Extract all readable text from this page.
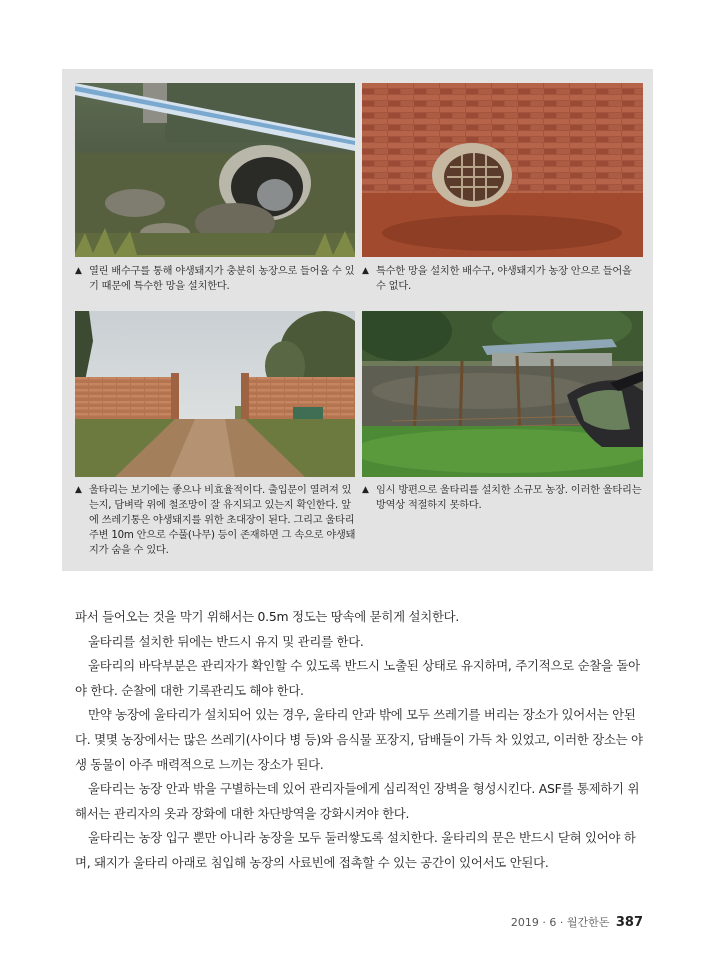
▲ 열린 배수구를 통해 야생돼지가 충분히 농장으로 들어올 수 있기 때문에 특수한 망을 설치한다.
▲ 특수한 망을 설치한 배수구, 야생돼지가 농장 안으로 들어올 수 없다.
▲ 울타리는 보기에는 좋으나 비효율적이다. 출입문이 열려져 있는지, 담벼락 위에 철조망이 잘 유지되고 있는지 확인한다. 앞에 쓰레기통은 야생돼지를 위한 초대장이 된다. 그리고 울타리 주변 10m 안으로 수풀(나무) 등이 존재하면 그 속으로 야생돼지가 숨을 수 있다.
▲ 임시 방편으로 울타리를 설치한 소규모 농장. 이러한 울타리는 방역상 적절하지 못하다.

파서 들어오는 것을 막기 위해서는 0.5m 정도는 땅속에 묻히게 설치한다.

울타리를 설치한 뒤에는 반드시 유지 및 관리를 한다.

울타리의 바닥부분은 관리자가 확인할 수 있도록 반드시 노출된 상태로 유지하며, 주기적으로 순찰을 돌아야 한다. 순찰에 대한 기록관리도 해야 한다.

만약 농장에 울타리가 설치되어 있는 경우, 울타리 안과 밖에 모두 쓰레기를 버리는 장소가 있어서는 안된다. 몇몇 농장에서는 많은 쓰레기(사이다 병 등)와 음식물 포장지, 담배들이 가득 차 있었고, 이러한 장소는 야생 동물이 아주 매력적으로 느끼는 장소가 된다.

울타리는 농장 안과 밖을 구별하는데 있어 관리자들에게 심리적인 장벽을 형성시킨다. ASF를 통제하기 위해서는 관리자의 옷과 장화에 대한 차단방역을 강화시켜야 한다.

울타리는 농장 입구 뿐만 아니라 농장을 모두 둘러쌓도록 설치한다. 울타리의 문은 반드시 닫혀 있어야 하며, 돼지가 울타리 아래로 침입해 농장의 사료빈에 접촉할 수 있는 공간이 있어서도 안된다.

2019 · 6 · 월간한돈 387
